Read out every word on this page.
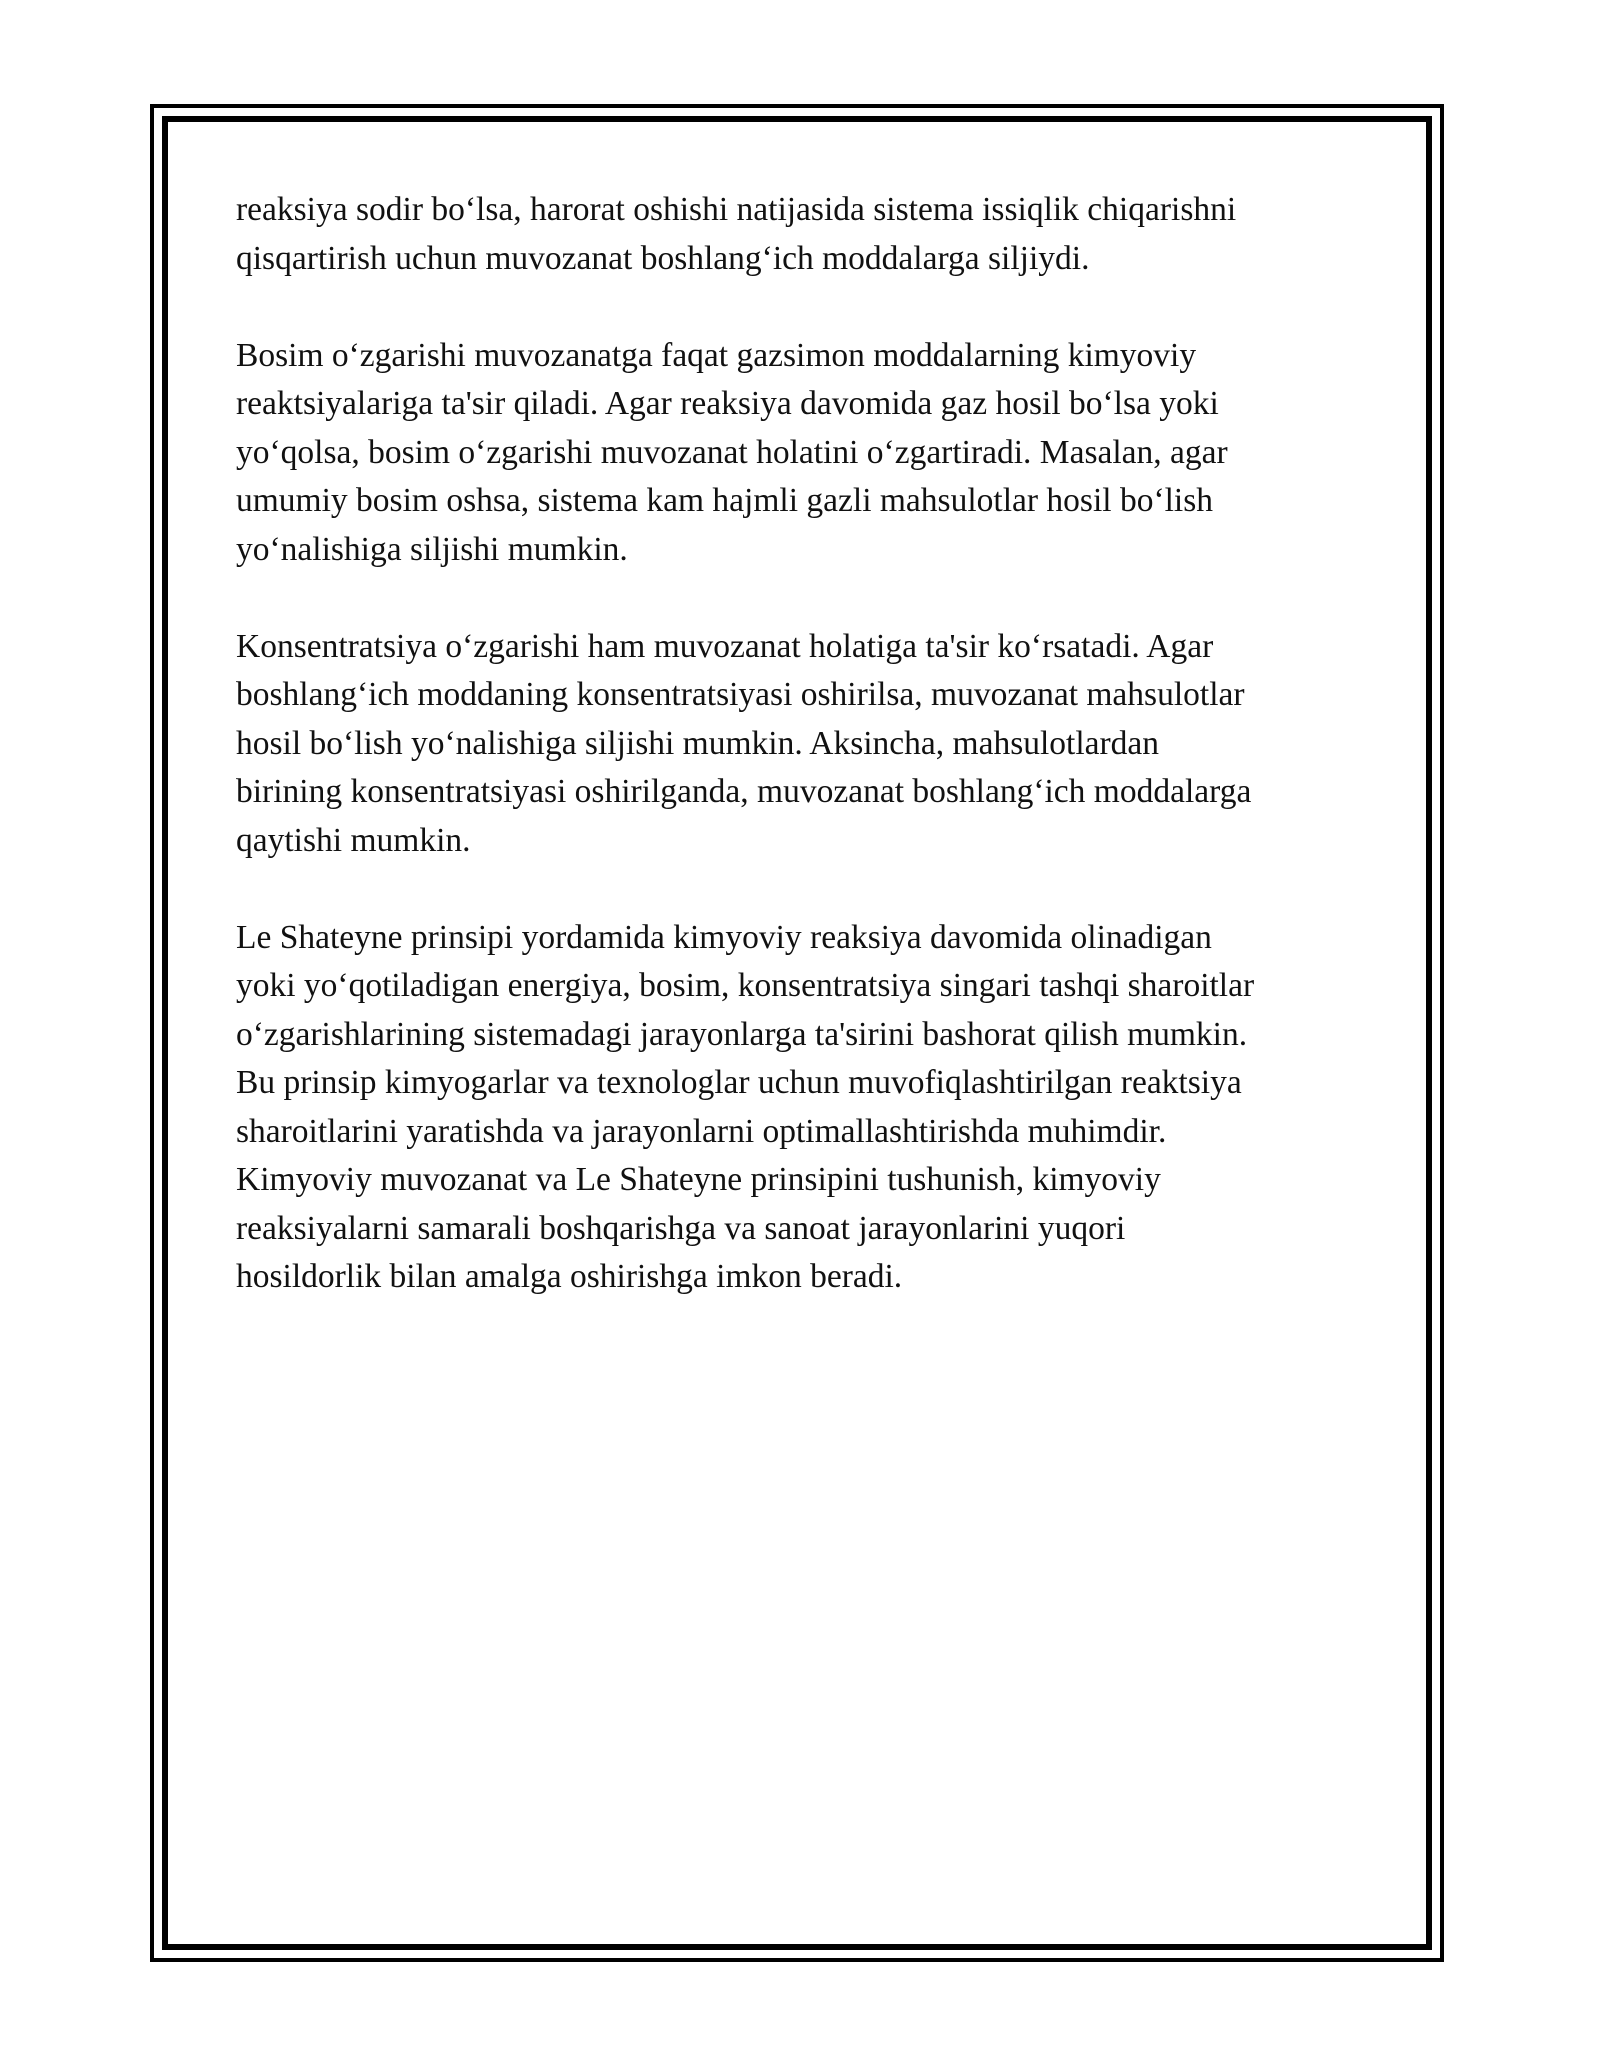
reaksiya sodir bo‘lsa, harorat oshishi natijasida sistema issiqlik chiqarishni
qisqartirish uchun muvozanat boshlang‘ich moddalarga siljiydi.

Bosim o‘zgarishi muvozanatga faqat gazsimon moddalarning kimyoviy
reaktsiyalariga ta'sir qiladi. Agar reaksiya davomida gaz hosil bo‘lsa yoki
yo‘qolsa, bosim o‘zgarishi muvozanat holatini o‘zgartiradi. Masalan, agar
umumiy bosim oshsa, sistema kam hajmli gazli mahsulotlar hosil bo‘lish
yo‘nalishiga siljishi mumkin.

Konsentratsiya o‘zgarishi ham muvozanat holatiga ta'sir ko‘rsatadi. Agar
boshlang‘ich moddaning konsentratsiyasi oshirilsa, muvozanat mahsulotlar
hosil bo‘lish yo‘nalishiga siljishi mumkin. Aksincha, mahsulotlardan
birining konsentratsiyasi oshirilganda, muvozanat boshlang‘ich moddalarga
qaytishi mumkin.

Le Shateyne prinsipi yordamida kimyoviy reaksiya davomida olinadigan
yoki yo‘qotiladigan energiya, bosim, konsentratsiya singari tashqi sharoitlar
o‘zgarishlarining sistemadagi jarayonlarga ta'sirini bashorat qilish mumkin.
Bu prinsip kimyogarlar va texnologlar uchun muvofiqlashtirilgan reaktsiya
sharoitlarini yaratishda va jarayonlarni optimallashtirishda muhimdir.
Kimyoviy muvozanat va Le Shateyne prinsipini tushunish, kimyoviy
reaksiyalarni samarali boshqarishga va sanoat jarayonlarini yuqori
hosildorlik bilan amalga oshirishga imkon beradi.
